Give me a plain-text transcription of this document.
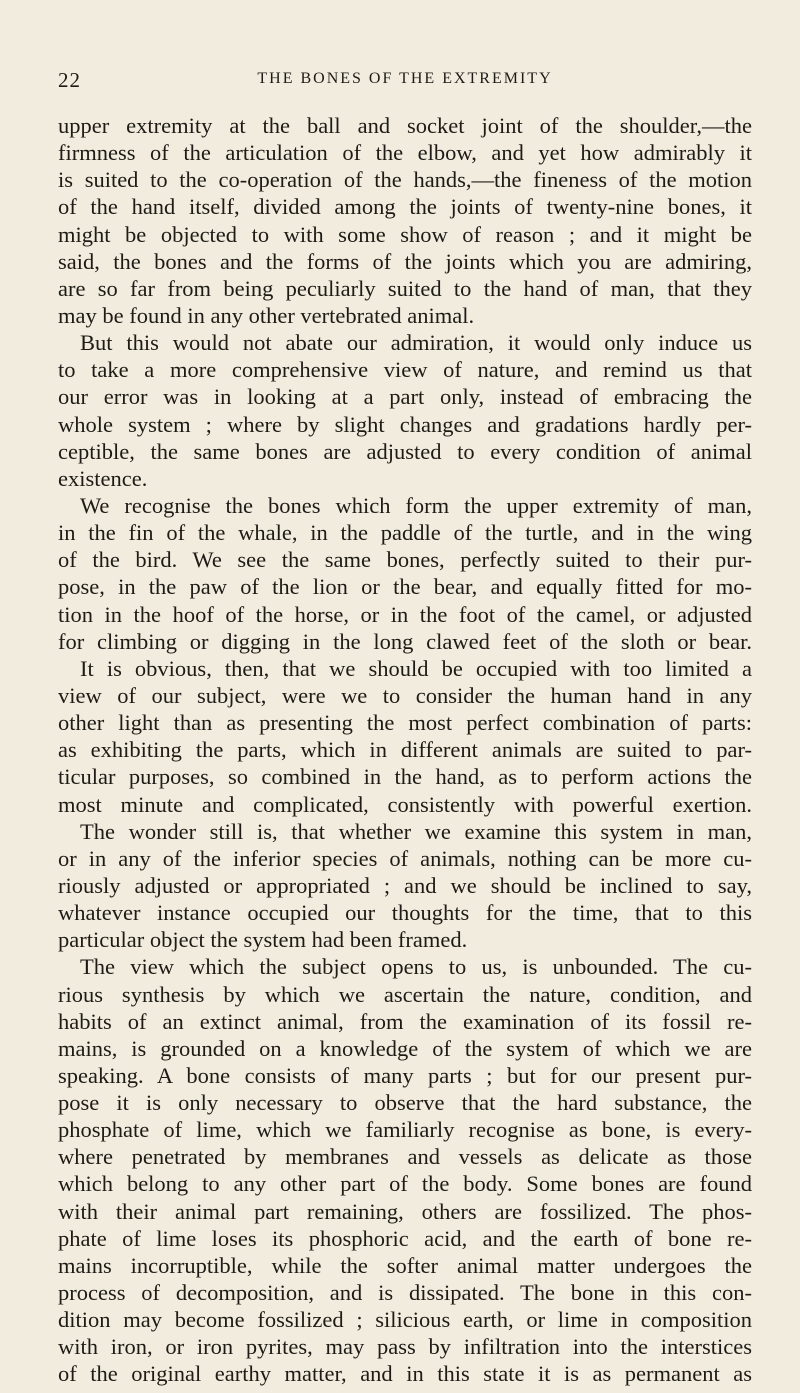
22	THE BONES OF THE EXTREMITY
upper extremity at the ball and socket joint of the shoulder,—the
firmness of the articulation of the elbow, and yet how admirably it
is suited to the co-operation of the hands,—the fineness of the motion
of the hand itself, divided among the joints of twenty-nine bones, it
might be objected to with some show of reason ; and it might be
said, the bones and the forms of the joints which you are admiring,
are so far from being peculiarly suited to the hand of man, that they
may be found in any other vertebrated animal.
But this would not abate our admiration, it would only induce us
to take a more comprehensive view of nature, and remind us that
our error was in looking at a part only, instead of embracing the
whole system ; where by slight changes and gradations hardly per-
ceptible, the same bones are adjusted to every condition of animal
existence.
We recognise the bones which form the upper extremity of man,
in the fin of the whale, in the paddle of the turtle, and in the wing
of the bird. We see the same bones, perfectly suited to their pur-
pose, in the paw of the lion or the bear, and equally fitted for mo-
tion in the hoof of the horse, or in the foot of the camel, or adjusted
for climbing or digging in the long clawed feet of the sloth or bear.
It is obvious, then, that we should be occupied with too limited a
view of our subject, were we to consider the human hand in any
other light than as presenting the most perfect combination of parts:
as exhibiting the parts, which in different animals are suited to par-
ticular purposes, so combined in the hand, as to perform actions the
most minute and complicated, consistently with powerful exertion.
The wonder still is, that whether we examine this system in man,
or in any of the inferior species of animals, nothing can be more cu-
riously adjusted or appropriated ; and we should be inclined to say,
whatever instance occupied our thoughts for the time, that to this
particular object the system had been framed.
The view which the subject opens to us, is unbounded. The cu-
rious synthesis by which we ascertain the nature, condition, and
habits of an extinct animal, from the examination of its fossil re-
mains, is grounded on a knowledge of the system of which we are
speaking. A bone consists of many parts ; but for our present pur-
pose it is only necessary to observe that the hard substance, the
phosphate of lime, which we familiarly recognise as bone, is every-
where penetrated by membranes and vessels as delicate as those
which belong to any other part of the body. Some bones are found
with their animal part remaining, others are fossilized. The phos-
phate of lime loses its phosphoric acid, and the earth of bone re-
mains incorruptible, while the softer animal matter undergoes the
process of decomposition, and is dissipated. The bone in this con-
dition may become fossilized ; silicious earth, or lime in composition
with iron, or iron pyrites, may pass by infiltration into the interstices
of the original earthy matter, and in this state it is as permanent as
